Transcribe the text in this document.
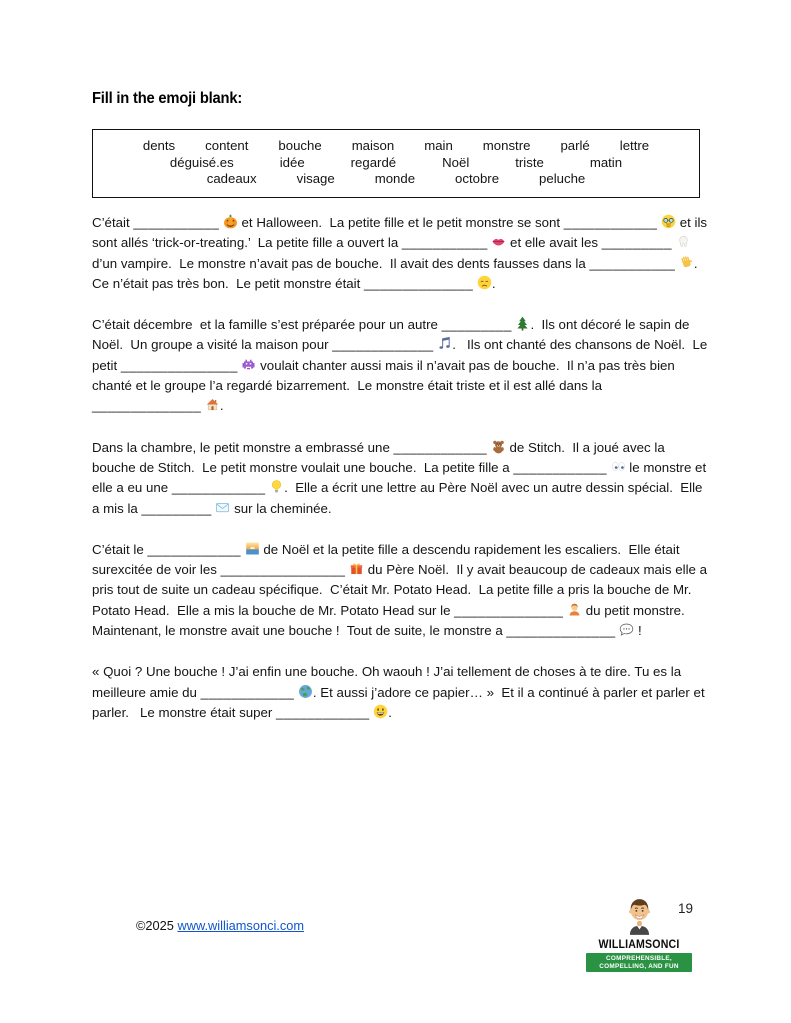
Fill in the emoji blank:
dents content bouche maison main monstre parlé lettre
déguisé.es	idée	regardé	Noël	triste	matin
cadeaux	visage	monde	octobre	peluche

C’était ___________  et Halloween.  La petite fille et le petit monstre se sont ____________  et ils sont allés ‘trick-or-treating.’  La petite fille a ouvert la ___________  et elle avait les _________  d’un vampire.  Le monstre n’avait pas de bouche.  Il avait des dents fausses dans la ___________ .  Ce n’était pas très bon.  Le petit monstre était ______________ .

C’était décembre  et la famille s’est préparée pour un autre _________ .  Ils ont décoré le sapin de Noël.  Un groupe a visité la maison pour _____________ .   Ils ont chanté des chansons de Noël.  Le petit _______________  voulait chanter aussi mais il n’avait pas de bouche.  Il n’a pas très bien chanté et le groupe l’a regardé bizarrement.  Le monstre était triste et il est allé dans la ______________ .

Dans la chambre, le petit monstre a embrassé une ____________  de Stitch.  Il a joué avec la bouche de Stitch.  Le petit monstre voulait une bouche.  La petite fille a ____________  le monstre et elle a eu une ____________ .  Elle a écrit une lettre au Père Noël avec un autre dessin spécial.  Elle a mis la _________  sur la cheminée.

C’était le ____________  de Noël et la petite fille a descendu rapidement les escaliers.  Elle était surexcitée de voir les ________________  du Père Noël.  Il y avait beaucoup de cadeaux mais elle a pris tout de suite un cadeau spécifique.  C’était Mr. Potato Head.  La petite fille a pris la bouche de Mr. Potato Head.  Elle a mis la bouche de Mr. Potato Head sur le ______________  du petit monstre.  Maintenant, le monstre avait une bouche !  Tout de suite, le monstre a ______________  !

« Quoi ? Une bouche ! J’ai enfin une bouche. Oh waouh ! J’ai tellement de choses à te dire. Tu es la meilleure amie du ____________ . Et aussi j’adore ce papier… »  Et il a continué à parler et parler et parler.   Le monstre était super ____________ .

©2025 www.williamsonci.com
WILLIAMSONCI
COMPREHENSIBLE,
COMPELLING, AND FUN
19
